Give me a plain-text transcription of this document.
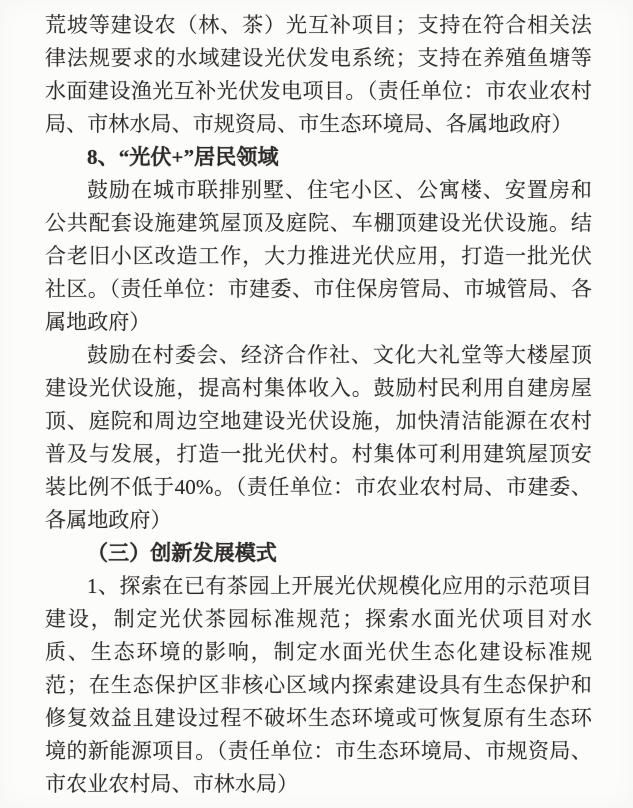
荒坡等建设农（林、茶）光互补项目；支持在符合相关法律法规要求的水域建设光伏发电系统；支持在养殖鱼塘等水面建设渔光互补光伏发电项目。（责任单位：市农业农村局、市林水局、市规资局、市生态环境局、各属地政府）

8、“光伏+”居民领域

鼓励在城市联排别墅、住宅小区、公寓楼、安置房和公共配套设施建筑屋顶及庭院、车棚顶建设光伏设施。结合老旧小区改造工作，大力推进光伏应用，打造一批光伏社区。（责任单位：市建委、市住保房管局、市城管局、各属地政府）

鼓励在村委会、经济合作社、文化大礼堂等大楼屋顶建设光伏设施，提高村集体收入。鼓励村民利用自建房屋顶、庭院和周边空地建设光伏设施，加快清洁能源在农村普及与发展，打造一批光伏村。村集体可利用建筑屋顶安装比例不低于40%。（责任单位：市农业农村局、市建委、各属地政府）

（三）创新发展模式

1、探索在已有茶园上开展光伏规模化应用的示范项目建设，制定光伏茶园标准规范；探索水面光伏项目对水质、生态环境的影响，制定水面光伏生态化建设标准规范；在生态保护区非核心区域内探索建设具有生态保护和修复效益且建设过程不破坏生态环境或可恢复原有生态环境的新能源项目。（责任单位：市生态环境局、市规资局、市农业农村局、市林水局）
